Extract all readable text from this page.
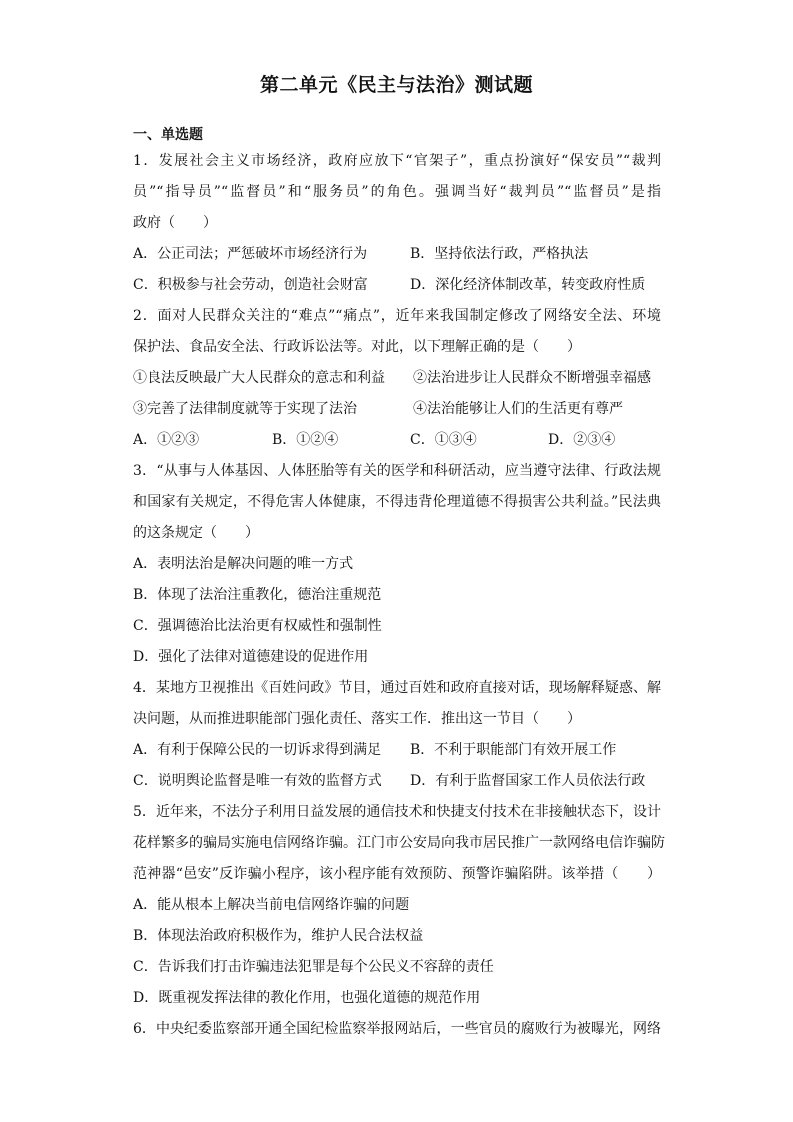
第二单元《民主与法治》测试题
一、单选题
1．发展社会主义市场经济，政府应放下“官架子”，重点扮演好“保安员”“裁判
员”“指导员”“监督员”和“服务员”的角色。强调当好“裁判员”“监督员”是指
政府（　　）
A．公正司法；严惩破坏市场经济行为	B．坚持依法行政，严格执法
C．积极参与社会劳动，创造社会财富	D．深化经济体制改革，转变政府性质
2．面对人民群众关注的“难点”“痛点”，近年来我国制定修改了网络安全法、环境
保护法、食品安全法、行政诉讼法等。对此，以下理解正确的是（　　）
①良法反映最广大人民群众的意志和利益 ②法治进步让人民群众不断增强幸福感
③完善了法律制度就等于实现了法治	④法治能够让人们的生活更有尊严
A．①②③	B．①②④	C．①③④	D．②③④
3．“从事与人体基因、人体胚胎等有关的医学和科研活动，应当遵守法律、行政法规
和国家有关规定，不得危害人体健康，不得违背伦理道德不得损害公共利益。”民法典
的这条规定（　　）
A．表明法治是解决问题的唯一方式
B．体现了法治注重教化，德治注重规范
C．强调德治比法治更有权威性和强制性
D．强化了法律对道德建设的促进作用
4．某地方卫视推出《百姓问政》节目，通过百姓和政府直接对话，现场解释疑惑、解
决问题，从而推进职能部门强化责任、落实工作．推出这一节目（　　）
A．有利于保障公民的一切诉求得到满足 B．不利于职能部门有效开展工作
C．说明舆论监督是唯一有效的监督方式 D．有利于监督国家工作人员依法行政
5．近年来，不法分子利用日益发展的通信技术和快捷支付技术在非接触状态下，设计
花样繁多的骗局实施电信网络诈骗。江门市公安局向我市居民推广一款网络电信诈骗防
范神器“邑安”反诈骗小程序，该小程序能有效预防、预警诈骗陷阱。该举措（　　）
A．能从根本上解决当前电信网络诈骗的问题
B．体现法治政府积极作为，维护人民合法权益
C．告诉我们打击诈骗违法犯罪是每个公民义不容辞的责任
D．既重视发挥法律的教化作用，也强化道德的规范作用
6．中央纪委监察部开通全国纪检监察举报网站后，一些官员的腐败行为被曝光，网络
